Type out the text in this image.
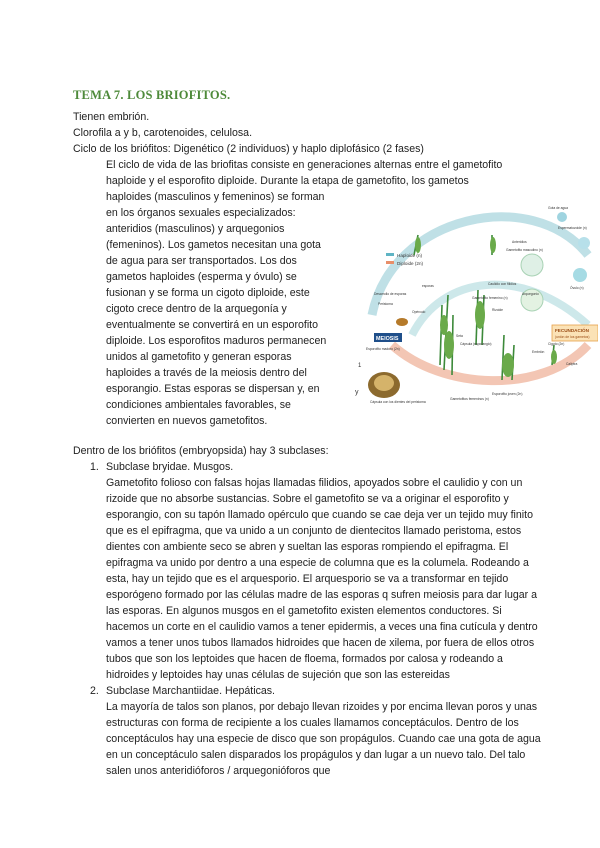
TEMA 7. LOS BRIOFITOS.
Tienen embrión.
Clorofila a y b, carotenoides, celulosa.
Ciclo de los briófitos: Digenético (2 individuos) y haplo diplofásico (2 fases)
El ciclo de vida de las briofitas consiste en generaciones alternas entre el gametofito
haploide y el esporofito diploide. Durante la etapa de gametofito, los gametos
haploides (masculinos y femeninos) se forman
en los órganos sexuales especializados:
anteridios (masculinos) y arquegonios
(femeninos). Los gametos necesitan una gota
de agua para ser transportados. Los dos
gametos haploides (esperma y óvulo) se
fusionan y se forma un cigoto diploide, este
cigoto crece dentro de la arquegonía y
eventualmente se convertirá en un esporofito
diploide. Los esporofitos maduros permanecen
unidos al gametofito y generan esporas
haploides a través de la meiosis dentro del
esporangio. Estas esporas se dispersan y, en
condiciones ambientales favorables, se
convierten en nuevos gametofitos.
Haploide (n)
Diploide (2n)
MEIOSIS
FECUNDACIÓN
(unión de los gametos)
1
y
Gota de agua
Espermatozoide (n)
Anteridios
Gametofito masculino (n)
Óvulo (n)
Arquegonio
esporas
Gametofito femenino (n)
Rizoide
Caulidio con filidios
Esporofito maduro (2n)
Seta
Cápsula (esporangio)	Cigoto (2n)
Embrión
Esporofito joven (2n)
Gametofitos femeninos (n)
Cápsula con los dientes del peristoma
Peristoma
Opérculo
Desarrollo de esporas
Caliptra
Dentro de los briófitos (embryopsida) hay 3 subclases:
1. Subclase bryidae. Musgos.

Gametofito folioso con falsas hojas llamadas filidios, apoyados sobre el caulidio y con un rizoide que no absorbe sustancias. Sobre el gametofito se va a originar el esporofito y esporangio, con su tapón llamado opérculo que cuando se cae deja ver un tejido muy finito que es el epifragma, que va unido a un conjunto de dientecitos llamado peristoma, estos dientes con ambiente seco se abren y sueltan las esporas rompiendo el epifragma. El epifragma va unido por dentro a una especie de columna que es la columela. Rodeando a esta, hay un tejido que es el arquesporio. El arquesporio se va a transformar en tejido esporógeno formado por las células madre de las esporas q sufren meiosis para dar lugar a las esporas. En algunos musgos en el gametofito existen elementos conductores. Si hacemos un corte en el caulidio vamos a tener epidermis, a veces una fina cutícula y dentro vamos a tener unos tubos llamados hidroides que hacen de xilema, por fuera de ellos otros tubos que son los leptoides que hacen de floema, formados por calosa y rodeando a hidroides y leptoides hay unas células de sujeción que son las estereidas

2. Subclase Marchantiidae. Hepáticas.

La mayoría de talos son planos, por debajo llevan rizoides y por encima llevan poros y unas estructuras con forma de recipiente a los cuales llamamos conceptáculos. Dentro de los conceptáculos hay una especie de disco que son propágulos. Cuando cae una gota de agua en un conceptáculo salen disparados los propágulos y dan lugar a un nuevo talo. Del talo salen unos anteridióforos / arquegonióforos que
